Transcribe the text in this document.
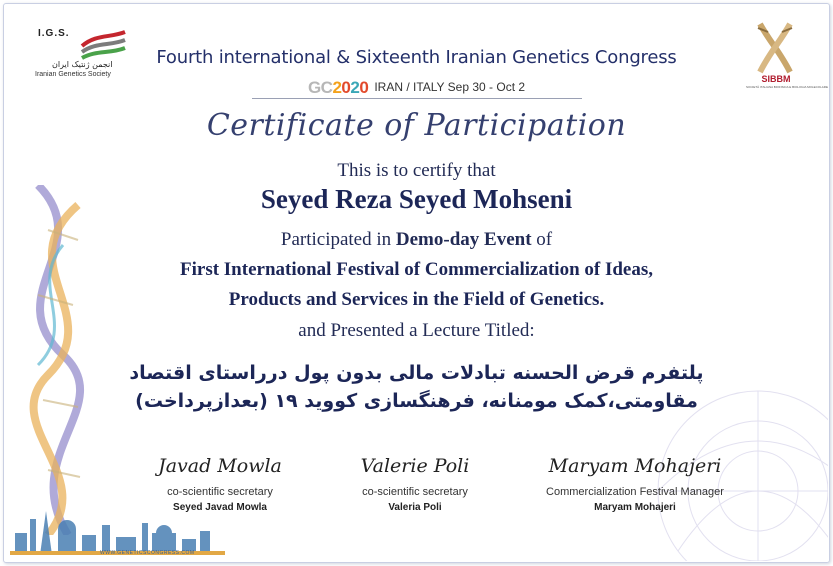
I.G.S.
انجمن ژنتیک ایران
Iranian Genetics Society	SIBBM
SOCIETÀ ITALIANA BIOFISICA E BIOLOGIA MOLECOLARE
Fourth international & Sixteenth Iranian Genetics Congress
GC2020 IRAN / ITALY Sep 30 - Oct 2
Certificate of Participation
This is to certify that
Seyed Reza Seyed Mohseni
Participated in Demo-day Event of
First International Festival of Commercialization of Ideas,
Products and Services in the Field of Genetics.
and Presented a Lecture Titled:
پلتفرم قرض الحسنه تبادلات مالی بدون پول درراستای اقتصاد
مقاومتی،کمک مومنانه، فرهنگسازی کووید ۱۹ (بعدازپرداخت)
Javad Mowla
co-scientific secretary
Seyed Javad Mowla
Valerie Poli
co-scientific secretary
Valeria Poli
Maryam Mohajeri
Commercialization Festival Manager
Maryam Mohajeri
WWW.GENETICSCONGRESS.COM
